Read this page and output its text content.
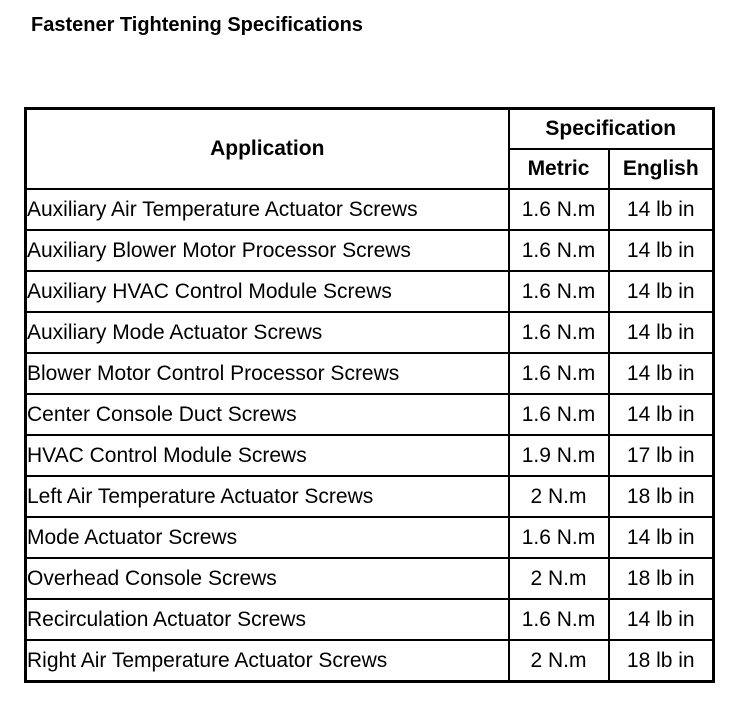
Fastener Tightening Specifications
Application	Specification	
	Metric	English
Auxiliary Air Temperature Actuator Screws	1.6 N.m	14 lb in
Auxiliary Blower Motor Processor Screws	1.6 N.m	14 lb in
Auxiliary HVAC Control Module Screws	1.6 N.m	14 lb in
Auxiliary Mode Actuator Screws	1.6 N.m	14 lb in
Blower Motor Control Processor Screws	1.6 N.m	14 lb in
Center Console Duct Screws	1.6 N.m	14 lb in
HVAC Control Module Screws	1.9 N.m	17 lb in
Left Air Temperature Actuator Screws	2 N.m	18 lb in
Mode Actuator Screws	1.6 N.m	14 lb in
Overhead Console Screws	2 N.m	18 lb in
Recirculation Actuator Screws	1.6 N.m	14 lb in
Right Air Temperature Actuator Screws	2 N.m	18 lb in
